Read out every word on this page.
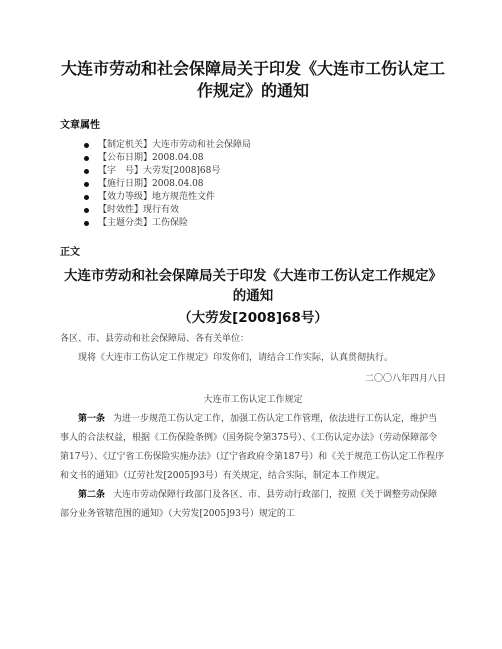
大连市劳动和社会保障局关于印发《大连市工伤认定工作规定》的通知
文章属性
【制定机关】大连市劳动和社会保障局
【公布日期】2008.04.08
【字　号】大劳发[2008]68号
【施行日期】2008.04.08
【效力等级】地方规范性文件
【时效性】现行有效
【主题分类】工伤保险
正文
大连市劳动和社会保障局关于印发《大连市工伤认定工作规定》的通知
（大劳发[2008]68号）

各区、市、县劳动和社会保障局、各有关单位：

现将《大连市工伤认定工作规定》印发你们，请结合工作实际，认真贯彻执行。

二〇〇八年四月八日

大连市工伤认定工作规定

第一条 为进一步规范工伤认定工作，加强工伤认定工作管理，依法进行工伤认定，维护当事人的合法权益，根据《工伤保险条例》（国务院令第375号）、《工伤认定办法》（劳动保障部令第17号）、《辽宁省工伤保险实施办法》（辽宁省政府令第187号）和《关于规范工伤认定工作程序和文书的通知》（辽劳社发[2005]93号）有关规定，结合实际，制定本工作规定。

第二条 大连市劳动保障行政部门及各区、市、县劳动行政部门，按照《关于调整劳动保障部分业务管辖范围的通知》（大劳发[2005]93号）规定的工
